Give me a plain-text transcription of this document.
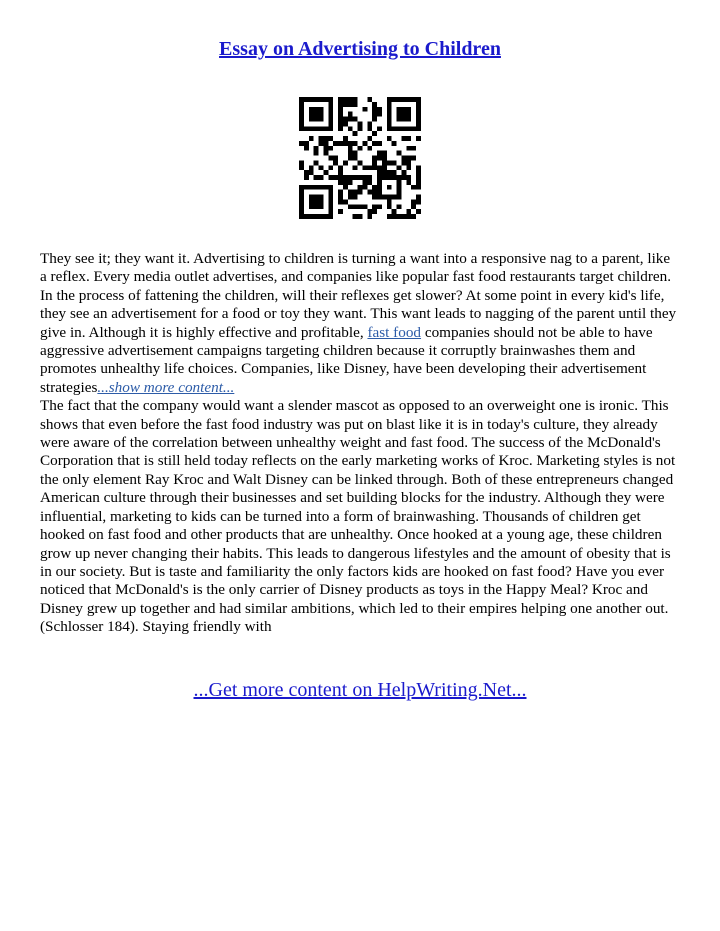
Essay on Advertising to Children

They see it; they want it. Advertising to children is turning a want into a responsive nag to a parent, like a reflex. Every media outlet advertises, and companies like popular fast food restaurants target children. In the process of fattening the children, will their reflexes get slower? At some point in every kid's life, they see an advertisement for a food or toy they want. This want leads to nagging of the parent until they give in. Although it is highly effective and profitable, fast food companies should not be able to have aggressive advertisement campaigns targeting children because it corruptly brainwashes them and promotes unhealthy life choices. Companies, like Disney, have been developing their advertisement strategies...show more content...

The fact that the company would want a slender mascot as opposed to an overweight one is ironic. This shows that even before the fast food industry was put on blast like it is in today's culture, they already were aware of the correlation between unhealthy weight and fast food. The success of the McDonald's Corporation that is still held today reflects on the early marketing works of Kroc. Marketing styles is not the only element Ray Kroc and Walt Disney can be linked through. Both of these entrepreneurs changed American culture through their businesses and set building blocks for the industry. Although they were influential, marketing to kids can be turned into a form of brainwashing. Thousands of children get hooked on fast food and other products that are unhealthy. Once hooked at a young age, these children grow up never changing their habits. This leads to dangerous lifestyles and the amount of obesity that is in our society. But is taste and familiarity the only factors kids are hooked on fast food? Have you ever noticed that McDonald's is the only carrier of Disney products as toys in the Happy Meal? Kroc and Disney grew up together and had similar ambitions, which led to their empires helping one another out. (Schlosser 184). Staying friendly with

...Get more content on HelpWriting.Net...
